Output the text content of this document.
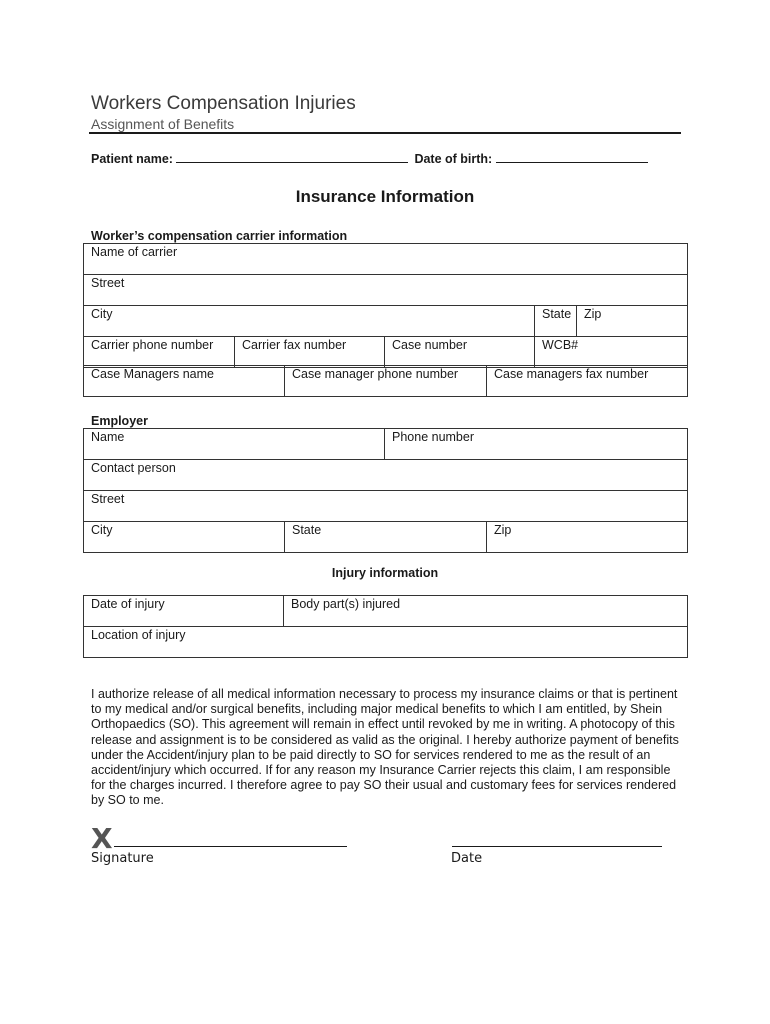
Workers Compensation Injuries
Assignment of Benefits
Patient name:	Date of birth:
Insurance Information
Worker’s compensation carrier information
Name of carrier				
Street				
City			State	Zip
Carrier phone number	Carrier fax number	Case number	WCB#	
Case Managers name	Case manager phone number	Case managers fax number
Employer
Name		Phone number	
Contact person			
Street			
City	State		Zip
Injury information
Date of injury	Body part(s) injured
Location of injury
I authorize release of all medical information necessary to process my insurance claims or that is pertinent to my medical and/or surgical benefits, including major medical benefits to which I am entitled, by Shein Orthopaedics (SO). This agreement will remain in effect until revoked by me in writing. A photocopy of this release and assignment is to be considered as valid as the original. I hereby authorize payment of benefits under the Accident/injury plan to be paid directly to SO for services rendered to me as the result of an accident/injury which occurred. If for any reason my Insurance Carrier rejects this claim, I am responsible for the charges incurred. I therefore agree to pay SO their usual and customary fees for services rendered by SO to me.
X
Signature	Date
